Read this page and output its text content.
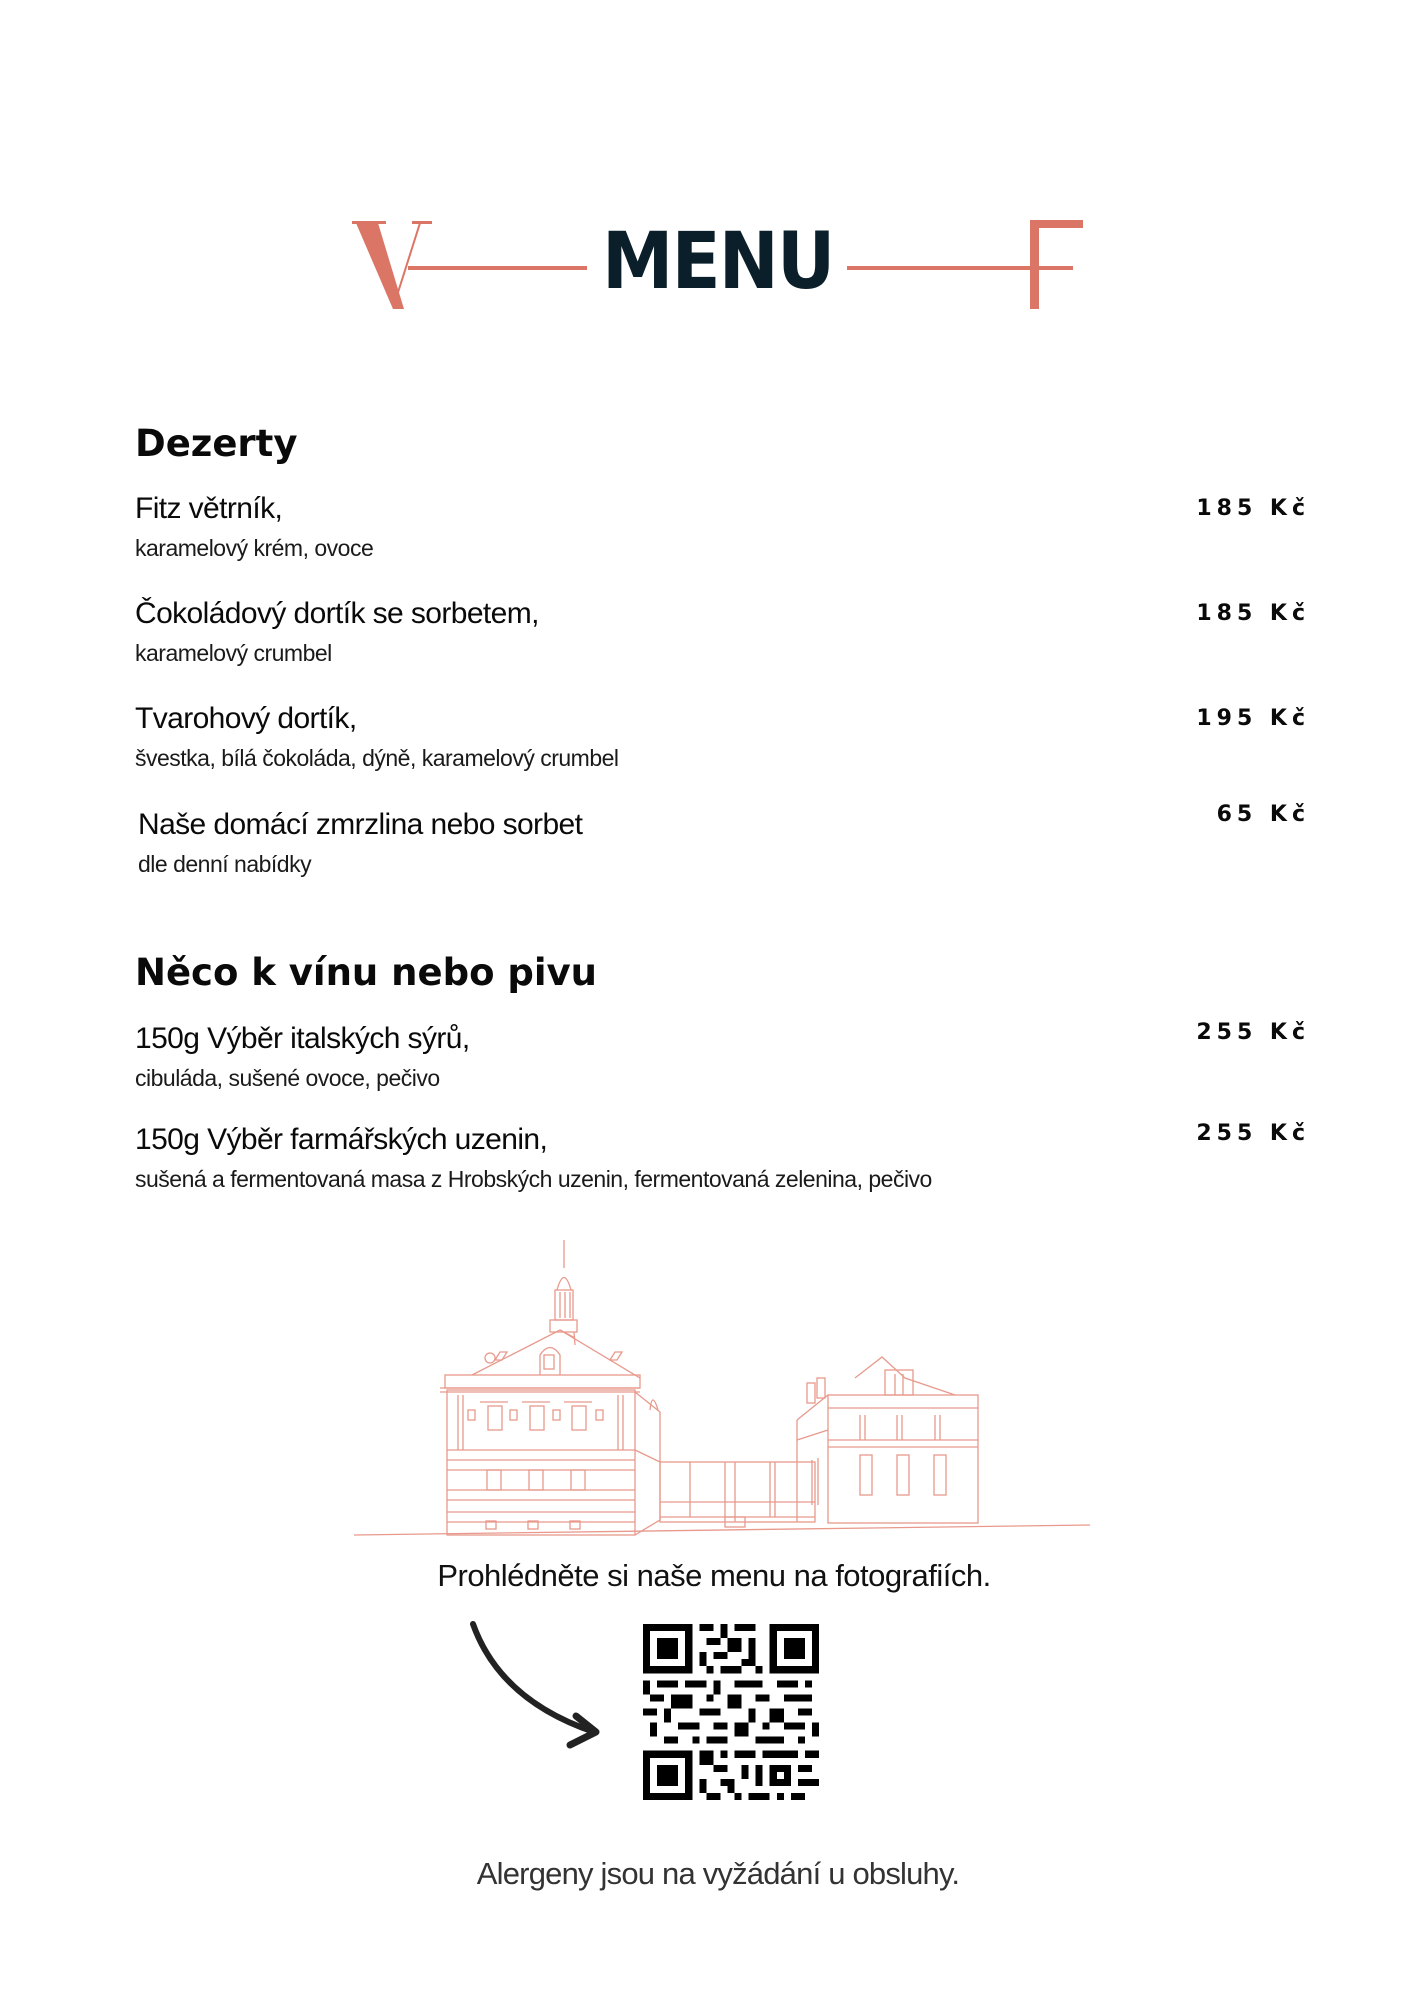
MENU
Dezerty
Fitz větrník,
karamelový krém, ovoce
185 Kč
Čokoládový dortík se sorbetem,
karamelový crumbel
185 Kč
Tvarohový dortík,
švestka, bílá čokoláda, dýně, karamelový crumbel
195 Kč
Naše domácí zmrzlina nebo sorbet
dle denní nabídky
65 Kč
Něco k vínu nebo pivu
150g Výběr italských sýrů,
cibuláda, sušené ovoce, pečivo
255 Kč
150g Výběr farmářských uzenin,
sušená a fermentovaná masa z Hrobských uzenin, fermentovaná zelenina, pečivo
255 Kč
Prohlédněte si naše menu na fotografiích.
Alergeny jsou na vyžádání u obsluhy.
